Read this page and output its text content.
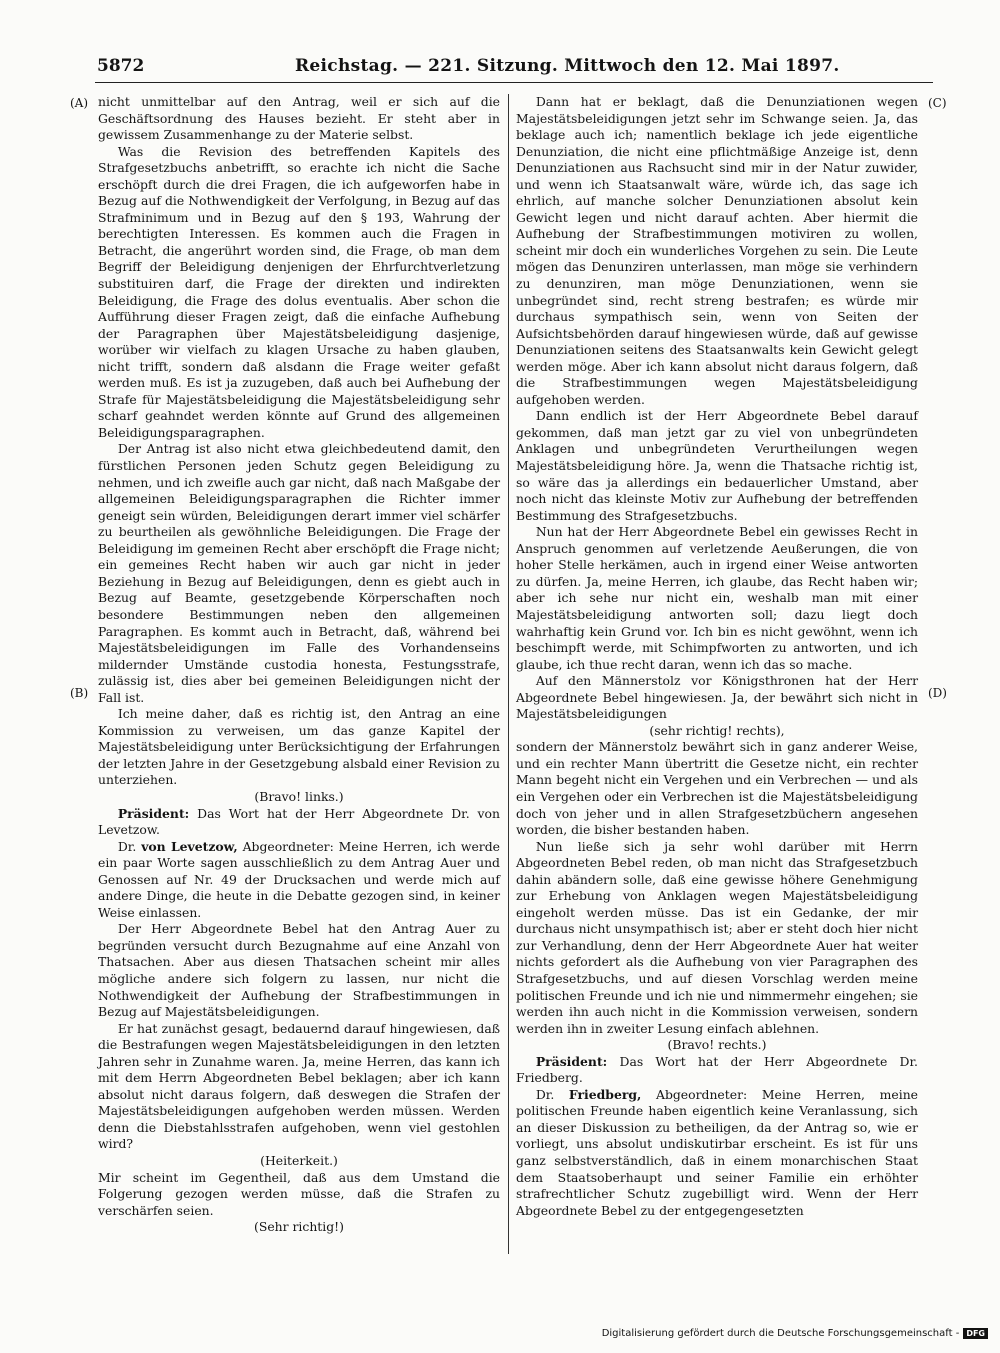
5872	Reichstag. — 221. Sitzung. Mittwoch den 12. Mai 1897.
(A)
(B)
(C)
(D)

nicht unmittelbar auf den Antrag, weil er sich auf die Geschäftsordnung des Hauses bezieht. Er steht aber in gewissem Zusammenhange zu der Materie selbst.

Was die Revision des betreffenden Kapitels des Strafgesetzbuchs anbetrifft, so erachte ich nicht die Sache erschöpft durch die drei Fragen, die ich aufgeworfen habe in Bezug auf die Nothwendigkeit der Verfolgung, in Bezug auf das Strafminimum und in Bezug auf den § 193, Wahrung der berechtigten Interessen. Es kommen auch die Fragen in Betracht, die angerührt worden sind, die Frage, ob man dem Begriff der Beleidigung denjenigen der Ehrfurchtverletzung substituiren darf, die Frage der direkten und indirekten Beleidigung, die Frage des dolus eventualis. Aber schon die Aufführung dieser Fragen zeigt, daß die einfache Aufhebung der Paragraphen über Majestätsbeleidigung dasjenige, worüber wir vielfach zu klagen Ursache zu haben glauben, nicht trifft, sondern daß alsdann die Frage weiter gefaßt werden muß. Es ist ja zuzugeben, daß auch bei Aufhebung der Strafe für Majestätsbeleidigung die Majestätsbeleidigung sehr scharf geahndet werden könnte auf Grund des allgemeinen Beleidigungsparagraphen.

Der Antrag ist also nicht etwa gleichbedeutend damit, den fürstlichen Personen jeden Schutz gegen Beleidigung zu nehmen, und ich zweifle auch gar nicht, daß nach Maßgabe der allgemeinen Beleidigungsparagraphen die Richter immer geneigt sein würden, Beleidigungen derart immer viel schärfer zu beurtheilen als gewöhnliche Beleidigungen. Die Frage der Beleidigung im gemeinen Recht aber erschöpft die Frage nicht; ein gemeines Recht haben wir auch gar nicht in jeder Beziehung in Bezug auf Beleidigungen, denn es giebt auch in Bezug auf Beamte, gesetzgebende Körperschaften noch besondere Bestimmungen neben den allgemeinen Paragraphen. Es kommt auch in Betracht, daß, während bei Majestätsbeleidigungen im Falle des Vorhandenseins mildernder Umstände custodia honesta, Festungsstrafe, zulässig ist, dies aber bei gemeinen Beleidigungen nicht der Fall ist.

Ich meine daher, daß es richtig ist, den Antrag an eine Kommission zu verweisen, um das ganze Kapitel der Majestätsbeleidigung unter Berücksichtigung der Erfahrungen der letzten Jahre in der Gesetzgebung alsbald einer Revision zu unterziehen.

(Bravo! links.)

Präsident: Das Wort hat der Herr Abgeordnete Dr. von Levetzow.

Dr. von Levetzow, Abgeordneter: Meine Herren, ich werde ein paar Worte sagen ausschließlich zu dem Antrag Auer und Genossen auf Nr. 49 der Drucksachen und werde mich auf andere Dinge, die heute in die Debatte gezogen sind, in keiner Weise einlassen.

Der Herr Abgeordnete Bebel hat den Antrag Auer zu begründen versucht durch Bezugnahme auf eine Anzahl von Thatsachen. Aber aus diesen Thatsachen scheint mir alles mögliche andere sich folgern zu lassen, nur nicht die Nothwendigkeit der Aufhebung der Strafbestimmungen in Bezug auf Majestätsbeleidigungen.

Er hat zunächst gesagt, bedauernd darauf hingewiesen, daß die Bestrafungen wegen Majestätsbeleidigungen in den letzten Jahren sehr in Zunahme waren. Ja, meine Herren, das kann ich mit dem Herrn Abgeordneten Bebel beklagen; aber ich kann absolut nicht daraus folgern, daß deswegen die Strafen der Majestätsbeleidigungen aufgehoben werden müssen. Werden denn die Diebstahlsstrafen aufgehoben, wenn viel gestohlen wird?

(Heiterkeit.)

Mir scheint im Gegentheil, daß aus dem Umstand die Folgerung gezogen werden müsse, daß die Strafen zu verschärfen seien.

(Sehr richtig!)

Dann hat er beklagt, daß die Denunziationen wegen Majestätsbeleidigungen jetzt sehr im Schwange seien. Ja, das beklage auch ich; namentlich beklage ich jede eigentliche Denunziation, die nicht eine pflichtmäßige Anzeige ist, denn Denunziationen aus Rachsucht sind mir in der Natur zuwider, und wenn ich Staatsanwalt wäre, würde ich, das sage ich ehrlich, auf manche solcher Denunziationen absolut kein Gewicht legen und nicht darauf achten. Aber hiermit die Aufhebung der Strafbestimmungen motiviren zu wollen, scheint mir doch ein wunderliches Vorgehen zu sein. Die Leute mögen das Denunziren unterlassen, man möge sie verhindern zu denunziren, man möge Denunziationen, wenn sie unbegründet sind, recht streng bestrafen; es würde mir durchaus sympathisch sein, wenn von Seiten der Aufsichtsbehörden darauf hingewiesen würde, daß auf gewisse Denunziationen seitens des Staatsanwalts kein Gewicht gelegt werden möge. Aber ich kann absolut nicht daraus folgern, daß die Strafbestimmungen wegen Majestätsbeleidigung aufgehoben werden.

Dann endlich ist der Herr Abgeordnete Bebel darauf gekommen, daß man jetzt gar zu viel von unbegründeten Anklagen und unbegründeten Verurtheilungen wegen Majestätsbeleidigung höre. Ja, wenn die Thatsache richtig ist, so wäre das ja allerdings ein bedauerlicher Umstand, aber noch nicht das kleinste Motiv zur Aufhebung der betreffenden Bestimmung des Strafgesetzbuchs.

Nun hat der Herr Abgeordnete Bebel ein gewisses Recht in Anspruch genommen auf verletzende Aeußerungen, die von hoher Stelle herkämen, auch in irgend einer Weise antworten zu dürfen. Ja, meine Herren, ich glaube, das Recht haben wir; aber ich sehe nur nicht ein, weshalb man mit einer Majestätsbeleidigung antworten soll; dazu liegt doch wahrhaftig kein Grund vor. Ich bin es nicht gewöhnt, wenn ich beschimpft werde, mit Schimpfworten zu antworten, und ich glaube, ich thue recht daran, wenn ich das so mache.

Auf den Männerstolz vor Königsthronen hat der Herr Abgeordnete Bebel hingewiesen. Ja, der bewährt sich nicht in Majestätsbeleidigungen

(sehr richtig! rechts),

sondern der Männerstolz bewährt sich in ganz anderer Weise, und ein rechter Mann übertritt die Gesetze nicht, ein rechter Mann begeht nicht ein Vergehen und ein Verbrechen — und als ein Vergehen oder ein Verbrechen ist die Majestätsbeleidigung doch von jeher und in allen Strafgesetzbüchern angesehen worden, die bisher bestanden haben.

Nun ließe sich ja sehr wohl darüber mit Herrn Abgeordneten Bebel reden, ob man nicht das Strafgesetzbuch dahin abändern solle, daß eine gewisse höhere Genehmigung zur Erhebung von Anklagen wegen Majestätsbeleidigung eingeholt werden müsse. Das ist ein Gedanke, der mir durchaus nicht unsympathisch ist; aber er steht doch hier nicht zur Verhandlung, denn der Herr Abgeordnete Auer hat weiter nichts gefordert als die Aufhebung von vier Paragraphen des Strafgesetzbuchs, und auf diesen Vorschlag werden meine politischen Freunde und ich nie und nimmermehr eingehen; sie werden ihn auch nicht in die Kommission verweisen, sondern werden ihn in zweiter Lesung einfach ablehnen.

(Bravo! rechts.)

Präsident: Das Wort hat der Herr Abgeordnete Dr. Friedberg.

Dr. Friedberg, Abgeordneter: Meine Herren, meine politischen Freunde haben eigentlich keine Veranlassung, sich an dieser Diskussion zu betheiligen, da der Antrag so, wie er vorliegt, uns absolut undiskutirbar erscheint. Es ist für uns ganz selbstverständlich, daß in einem monarchischen Staat dem Staatsoberhaupt und seiner Familie ein erhöhter strafrechtlicher Schutz zugebilligt wird. Wenn der Herr Abgeordnete Bebel zu der entgegengesetzten

Digitalisierung gefördert durch die Deutsche Forschungsgemeinschaft - DFG
